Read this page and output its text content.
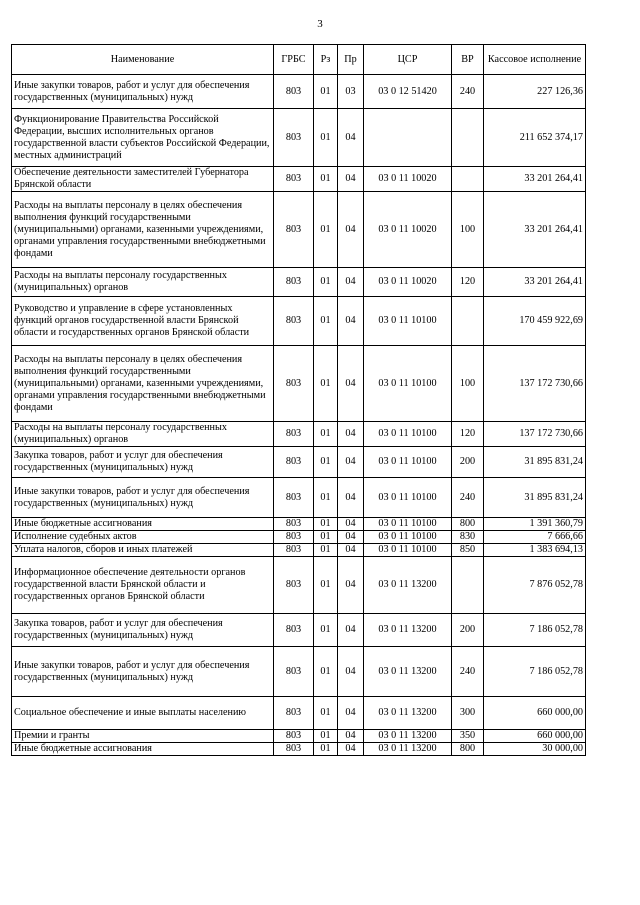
3
Наименование	ГРБС	Рз	Пр	ЦСР	ВР	Кассовое исполнение
Иные закупки товаров, работ и услуг для обеспечения государственных (муниципальных) нужд	803	01	03	03 0 12 51420	240	227 126,36
Функционирование Правительства Российской Федерации, высших исполнительных органов государственной власти субъектов Российской Федерации, местных администраций	803	01	04			211 652 374,17
Обеспечение деятельности заместителей Губернатора Брянской области	803	01	04	03 0 11 10020		33 201 264,41
Расходы на выплаты персоналу в целях обеспечения выполнения функций государственными (муниципальными) органами, казенными учреждениями, органами управления государственными внебюджетными фондами	803	01	04	03 0 11 10020	100	33 201 264,41
Расходы на выплаты персоналу государственных (муниципальных) органов	803	01	04	03 0 11 10020	120	33 201 264,41
Руководство и управление в сфере установленных функций органов государственной власти Брянской области и государственных органов Брянской области	803	01	04	03 0 11 10100		170 459 922,69
Расходы на выплаты персоналу в целях обеспечения выполнения функций государственными (муниципальными) органами, казенными учреждениями, органами управления государственными внебюджетными фондами	803	01	04	03 0 11 10100	100	137 172 730,66
Расходы на выплаты персоналу государственных (муниципальных) органов	803	01	04	03 0 11 10100	120	137 172 730,66
Закупка товаров, работ и услуг для обеспечения государственных (муниципальных) нужд	803	01	04	03 0 11 10100	200	31 895 831,24
Иные закупки товаров, работ и услуг для обеспечения государственных (муниципальных) нужд	803	01	04	03 0 11 10100	240	31 895 831,24
Иные бюджетные ассигнования	803	01	04	03 0 11 10100	800	1 391 360,79
Исполнение судебных актов	803	01	04	03 0 11 10100	830	7 666,66
Уплата налогов, сборов и иных платежей	803	01	04	03 0 11 10100	850	1 383 694,13
Информационное обеспечение деятельности органов государственной власти Брянской области и государственных органов Брянской области	803	01	04	03 0 11 13200		7 876 052,78
Закупка товаров, работ и услуг для обеспечения государственных (муниципальных) нужд	803	01	04	03 0 11 13200	200	7 186 052,78
Иные закупки товаров, работ и услуг для обеспечения государственных (муниципальных) нужд	803	01	04	03 0 11 13200	240	7 186 052,78
Социальное обеспечение и иные выплаты населению	803	01	04	03 0 11 13200	300	660 000,00
Премии и гранты	803	01	04	03 0 11 13200	350	660 000,00
Иные бюджетные ассигнования	803	01	04	03 0 11 13200	800	30 000,00
